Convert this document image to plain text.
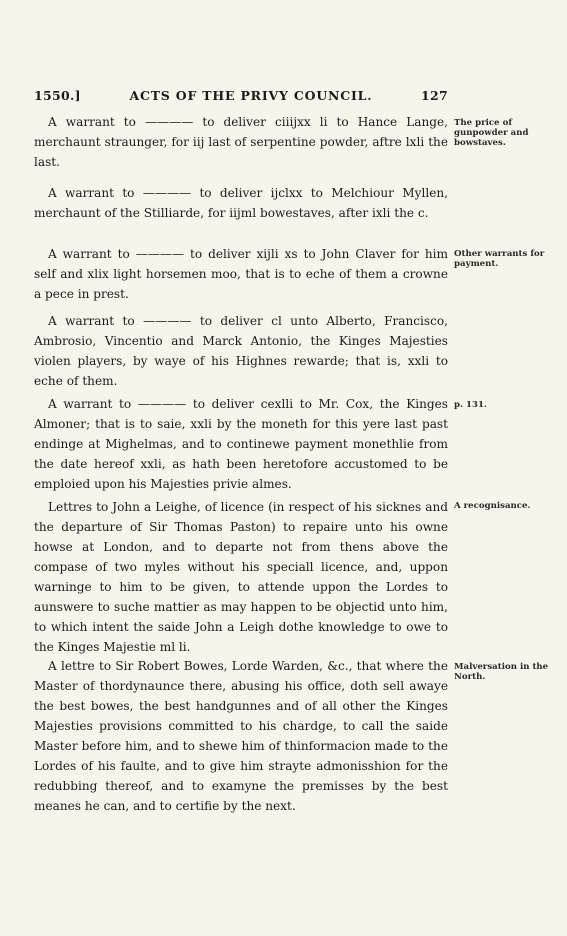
1550.]	ACTS OF THE PRIVY COUNCIL.	127

A warrant to ———— to deliver ciiijxx li to Hance Lange, merchaunt straunger, for iij last of serpentine powder, aftre lxli the last.

A warrant to ———— to deliver ijclxx to Melchiour Myllen, merchaunt of the Stilliarde, for iijml bowestaves, after ixli the c.

A warrant to ———— to deliver xijli xs to John Claver for him self and xlix light horsemen moo, that is to eche of them a crowne a pece in prest.

A warrant to ———— to deliver cl unto Alberto, Francisco, Ambrosio, Vincentio and Marck Antonio, the Kinges Majesties violen players, by waye of his Highnes rewarde; that is, xxli to eche of them.

A warrant to ———— to deliver cexlli to Mr. Cox, the Kinges Almoner; that is to saie, xxli by the moneth for this yere last past endinge at Mighelmas, and to continewe payment monethlie from the date hereof xxli, as hath been heretofore accustomed to be emploied upon his Majesties privie almes.

Lettres to John a Leighe, of licence (in respect of his sicknes and the departure of Sir Thomas Paston) to repaire unto his owne howse at London, and to departe not from thens above the compase of two myles without his speciall licence, and, uppon warninge to him to be given, to attende uppon the Lordes to aunswere to suche mattier as may happen to be objectid unto him, to which intent the saide John a Leigh dothe knowledge to owe to the Kinges Majestie ml li.

A lettre to Sir Robert Bowes, Lorde Warden, &c., that where the Master of thordynaunce there, abusing his office, doth sell awaye the best bowes, the best handgunnes and of all other the Kinges Majesties provisions committed to his chardge, to call the saide Master before him, and to shewe him of thinformacion made to the Lordes of his faulte, and to give him strayte admonisshion for the redubbing thereof, and to examyne the premisses by the best meanes he can, and to certifie by the next.

The price of gunpowder and bowstaves.
Other warrants for payment.
p. 131.
A recognisance.
Malversation in the North.
